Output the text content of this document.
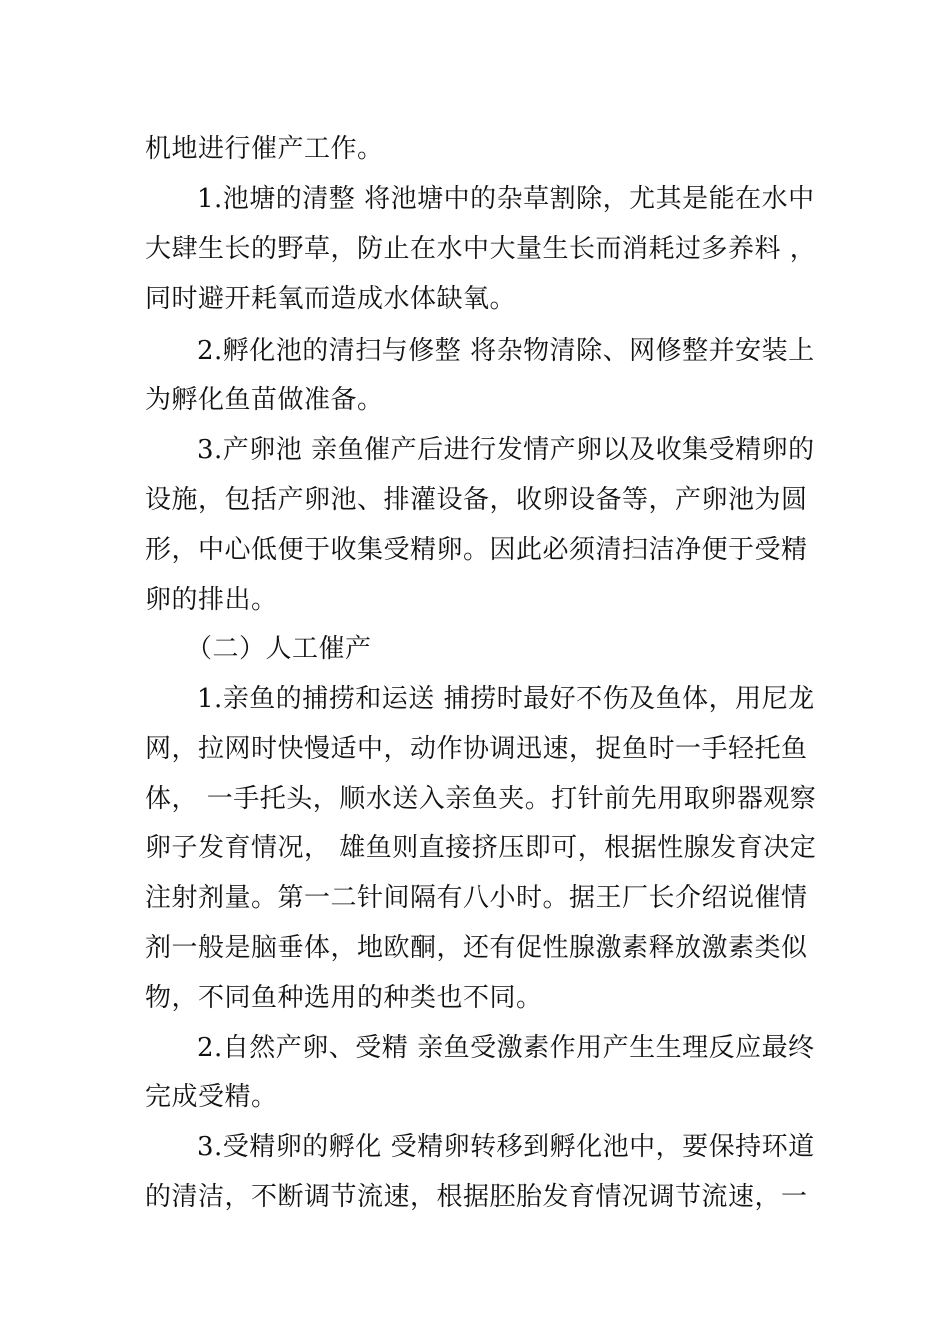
机地进行催产工作。
1.池塘的清整 将池塘中的杂草割除，尤其是能在水中
大肆生长的野草，防止在水中大量生长而消耗过多养料 ，
同时避开耗氧而造成水体缺氧。
2.孵化池的清扫与修整 将杂物清除、网修整并安装上
为孵化鱼苗做准备。
3.产卵池 亲鱼催产后进行发情产卵以及收集受精卵的
设施，包括产卵池、排灌设备，收卵设备等，产卵池为圆
形，中心低便于收集受精卵。因此必须清扫洁净便于受精
卵的排出。
（二）人工催产
1.亲鱼的捕捞和运送 捕捞时最好不伤及鱼体，用尼龙
网，拉网时快慢适中，动作协调迅速，捉鱼时一手轻托鱼
体， 一手托头，顺水送入亲鱼夹。打针前先用取卵器观察
卵子发育情况， 雄鱼则直接挤压即可，根据性腺发育决定
注射剂量。第一二针间隔有八小时。据王厂长介绍说催情
剂一般是脑垂体，地欧酮，还有促性腺激素释放激素类似
物，不同鱼种选用的种类也不同。
2.自然产卵、受精 亲鱼受激素作用产生生理反应最终
完成受精。
3.受精卵的孵化 受精卵转移到孵化池中，要保持环道
的清洁，不断调节流速，根据胚胎发育情况调节流速，一
